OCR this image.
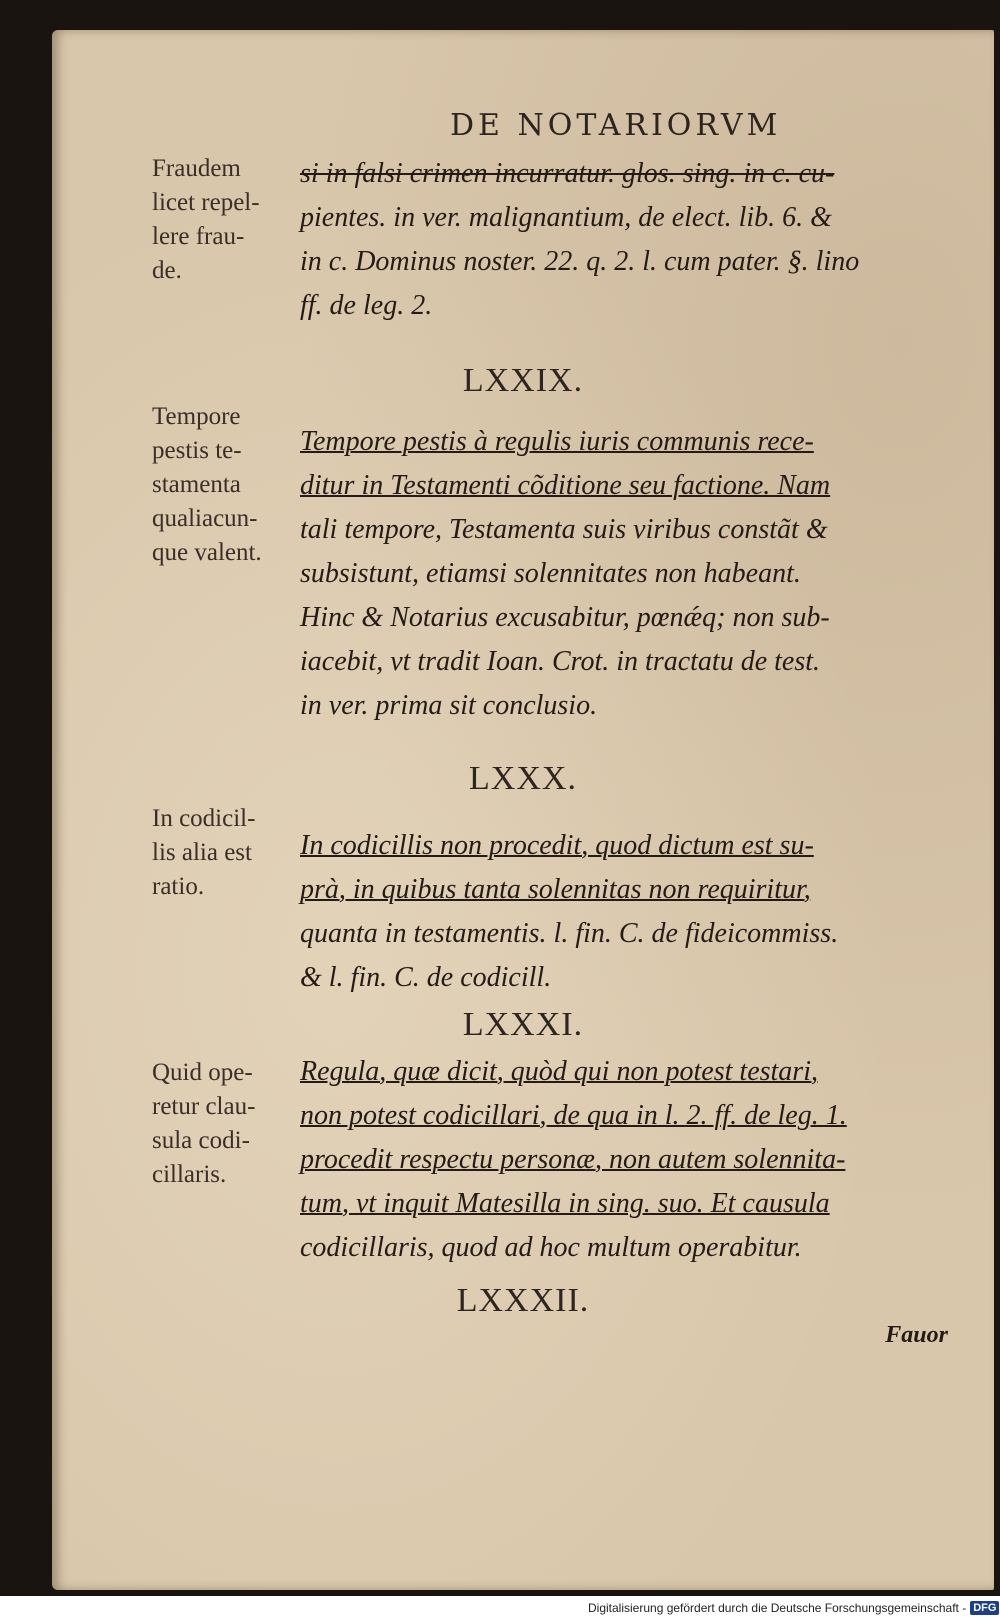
DE NOTARIORVM
Fraudem
licet repel-
lere frau-
de.
si in falsi crimen incurratur. glos. sing. in c. cu-
pientes. in ver. malignantium, de elect. lib. 6. &
in c. Dominus noster. 22. q. 2. l. cum pater. §. lino
ff. de leg. 2.
LXXIX.
Tempore
pestis te-
stamenta
qualiacun-
que valent.
Tempore pestis à regulis iuris communis rece-
ditur in Testamenti cõditione seu factione. Nam
tali tempore, Testamenta suis viribus constãt &
subsistunt, etiamsi solennitates non habeant.
Hinc & Notarius excusabitur, pœnǽq; non sub-
iacebit, vt tradit Ioan. Crot. in tractatu de test.
in ver. prima sit conclusio.
LXXX.
In codicil-
lis alia est
ratio.
In codicillis non procedit, quod dictum est su-
prà, in quibus tanta solennitas non requiritur,
quanta in testamentis. l. fin. C. de fideicommiss.
& l. fin. C. de codicill.
LXXXI.
Quid ope-
retur clau-
sula codi-
cillaris.
Regula, quæ dicit, quòd qui non potest testari,
non potest codicillari, de qua in l. 2. ff. de leg. 1.
procedit respectu personæ, non autem solennita-
tum, vt inquit Matesilla in sing. suo. Et causula
codicillaris, quod ad hoc multum operabitur.
LXXXII.
Fauor
Digitalisierung gefördert durch die Deutsche Forschungsgemeinschaft - DFG
